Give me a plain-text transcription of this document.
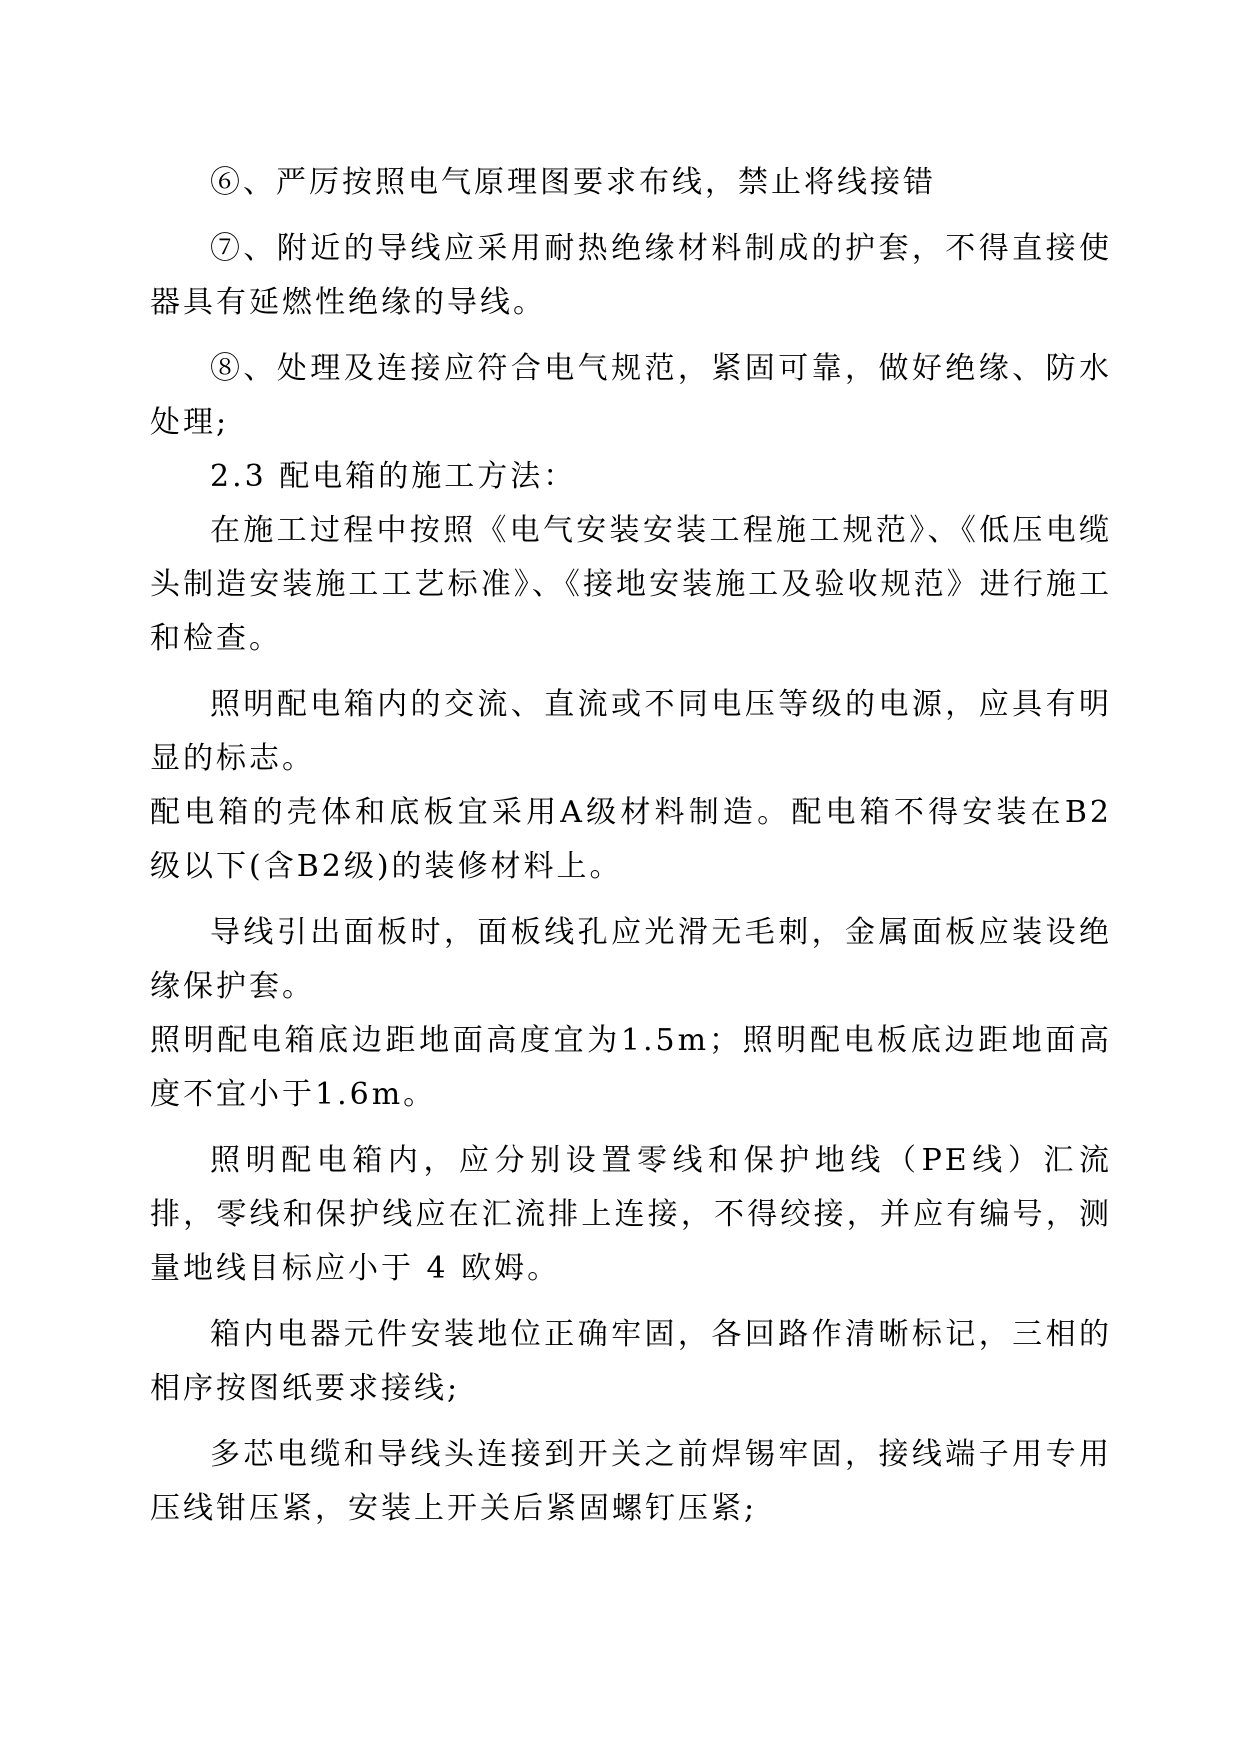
⑥、严厉按照电气原理图要求布线，禁止将线接错

⑦、附近的导线应采用耐热绝缘材料制成的护套，不得直接使器具有延燃性绝缘的导线。

⑧、处理及连接应符合电气规范，紧固可靠，做好绝缘、防水处理;

2.3 配电箱的施工方法：

在施工过程中按照《电气安装安装工程施工规范》、《低压电缆头制造安装施工工艺标准》、《接地安装施工及验收规范》进行施工和检查。

照明配电箱内的交流、直流或不同电压等级的电源，应具有明显的标志。

配电箱的壳体和底板宜采用A级材料制造。配电箱不得安装在B2级以下(含B2级)的装修材料上。

导线引出面板时，面板线孔应光滑无毛刺，金属面板应装设绝缘保护套。

照明配电箱底边距地面高度宜为1.5m；照明配电板底边距地面高度不宜小于1.6m。

照明配电箱内，应分别设置零线和保护地线（PE线）汇流排，零线和保护线应在汇流排上连接，不得绞接，并应有编号，测量地线目标应小于 4 欧姆。

箱内电器元件安装地位正确牢固，各回路作清晰标记，三相的相序按图纸要求接线;

多芯电缆和导线头连接到开关之前焊锡牢固，接线端子用专用压线钳压紧，安装上开关后紧固螺钉压紧;
